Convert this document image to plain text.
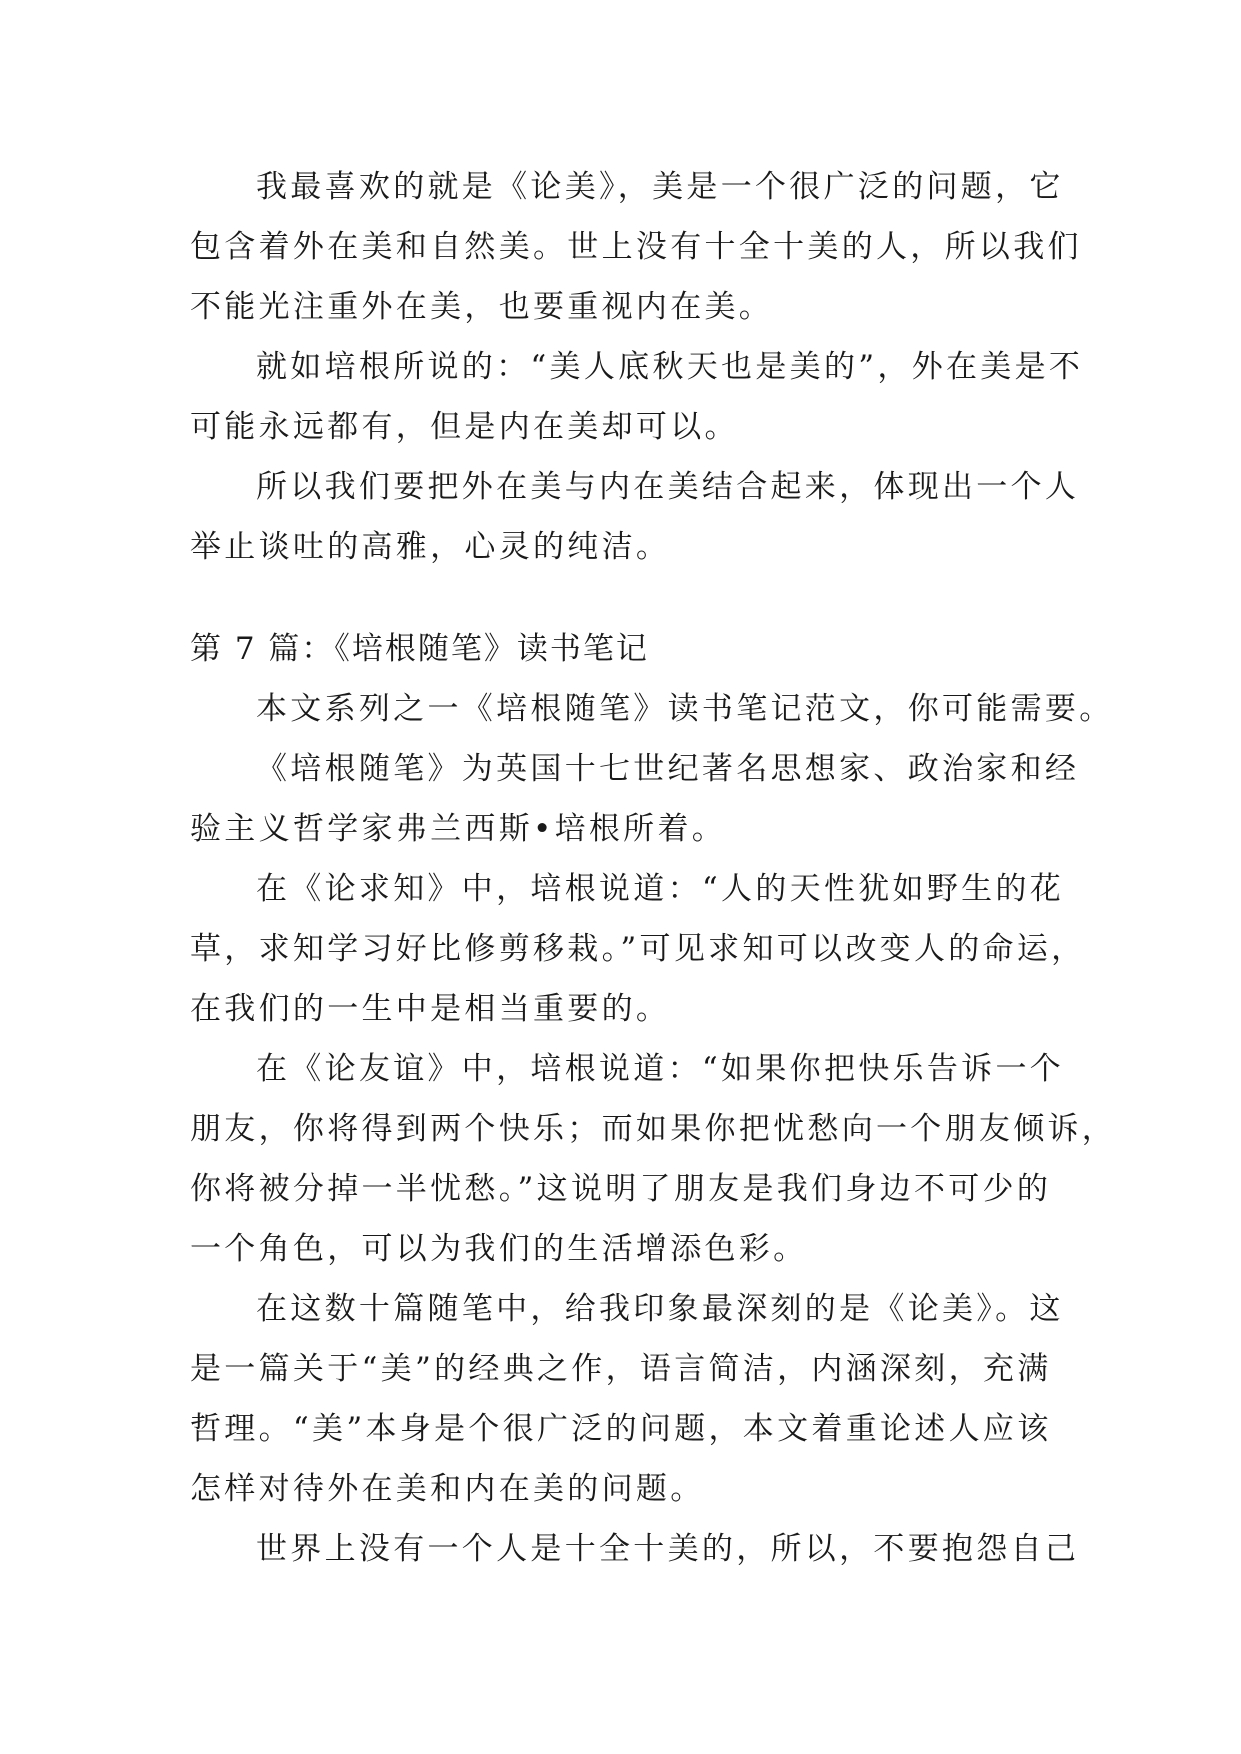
我最喜欢的就是《论美》，美是一个很广泛的问题，它
包含着外在美和自然美。世上没有十全十美的人，所以我们
不能光注重外在美，也要重视内在美。
就如培根所说的：“美人底秋天也是美的”，外在美是不
可能永远都有，但是内在美却可以。
所以我们要把外在美与内在美结合起来，体现出一个人
举止谈吐的高雅，心灵的纯洁。
第 7 篇：《培根随笔》读书笔记
本文系列之一《培根随笔》读书笔记范文，你可能需要。
《培根随笔》为英国十七世纪著名思想家、政治家和经
验主义哲学家弗兰西斯•培根所着。
在《论求知》中，培根说道：“人的天性犹如野生的花
草，求知学习好比修剪移栽。”可见求知可以改变人的命运，
在我们的一生中是相当重要的。
在《论友谊》中，培根说道：“如果你把快乐告诉一个
朋友，你将得到两个快乐；而如果你把忧愁向一个朋友倾诉，
你将被分掉一半忧愁。”这说明了朋友是我们身边不可少的
一个角色，可以为我们的生活增添色彩。
在这数十篇随笔中，给我印象最深刻的是《论美》。这
是一篇关于“美”的经典之作，语言简洁，内涵深刻，充满
哲理。“美”本身是个很广泛的问题，本文着重论述人应该
怎样对待外在美和内在美的问题。
世界上没有一个人是十全十美的，所以，不要抱怨自己
